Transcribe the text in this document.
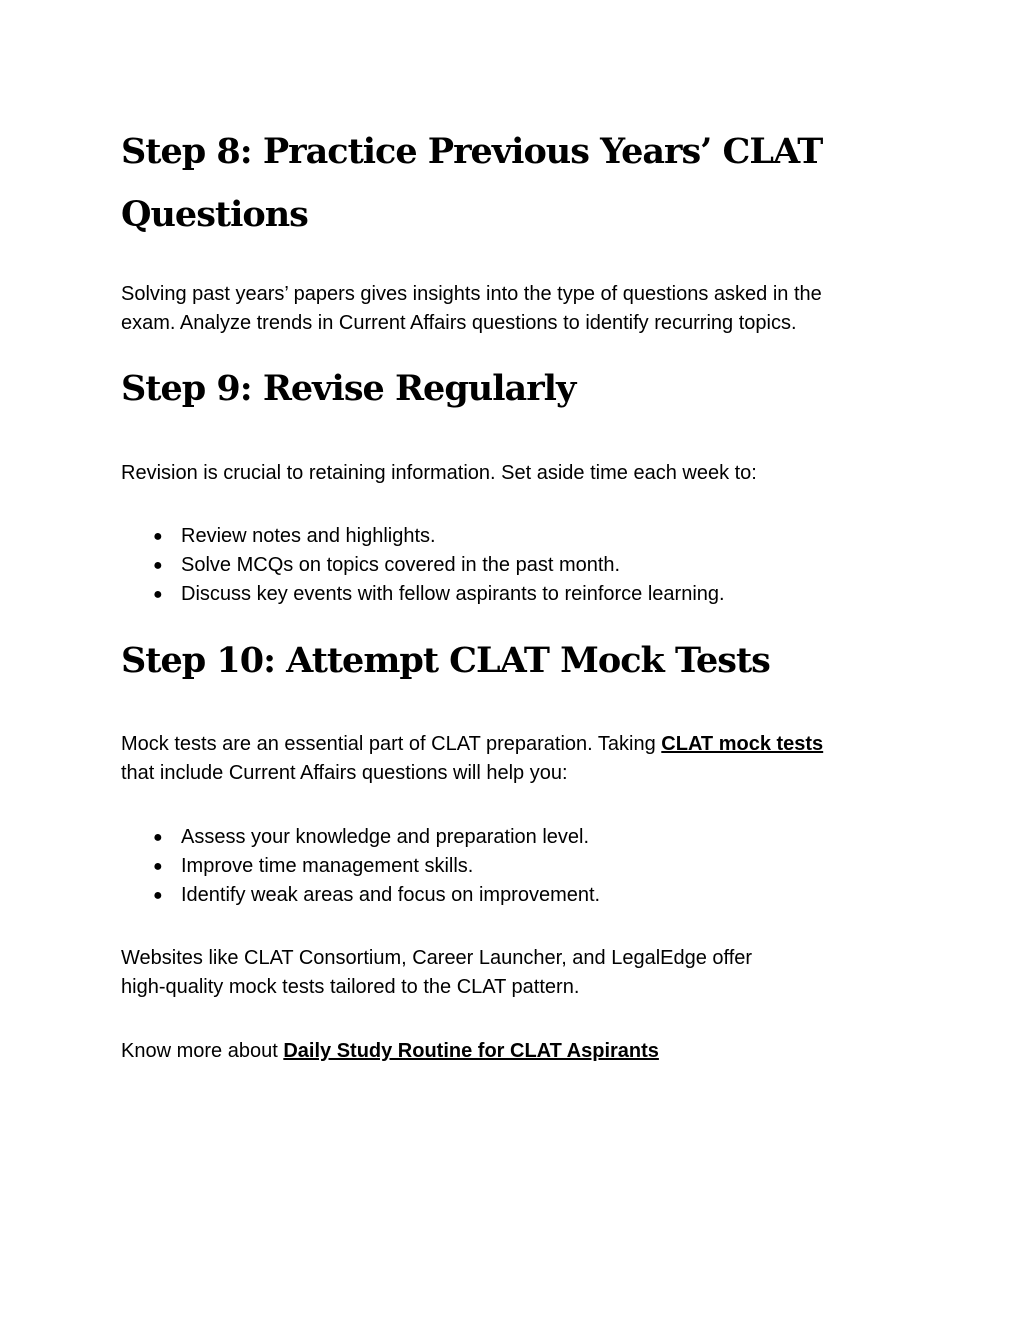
Step 8: Practice Previous Years’ CLAT
Questions

Solving past years’ papers gives insights into the type of questions asked in the
exam. Analyze trends in Current Affairs questions to identify recurring topics.

Step 9: Revise Regularly

Revision is crucial to retaining information. Set aside time each week to:

● Review notes and highlights.
● Solve MCQs on topics covered in the past month.
● Discuss key events with fellow aspirants to reinforce learning.
Step 10: Attempt CLAT Mock Tests

Mock tests are an essential part of CLAT preparation. Taking CLAT mock tests
that include Current Affairs questions will help you:

● Assess your knowledge and preparation level.
● Improve time management skills.
● Identify weak areas and focus on improvement.

Websites like CLAT Consortium, Career Launcher, and LegalEdge offer
high-quality mock tests tailored to the CLAT pattern.

Know more about Daily Study Routine for CLAT Aspirants
